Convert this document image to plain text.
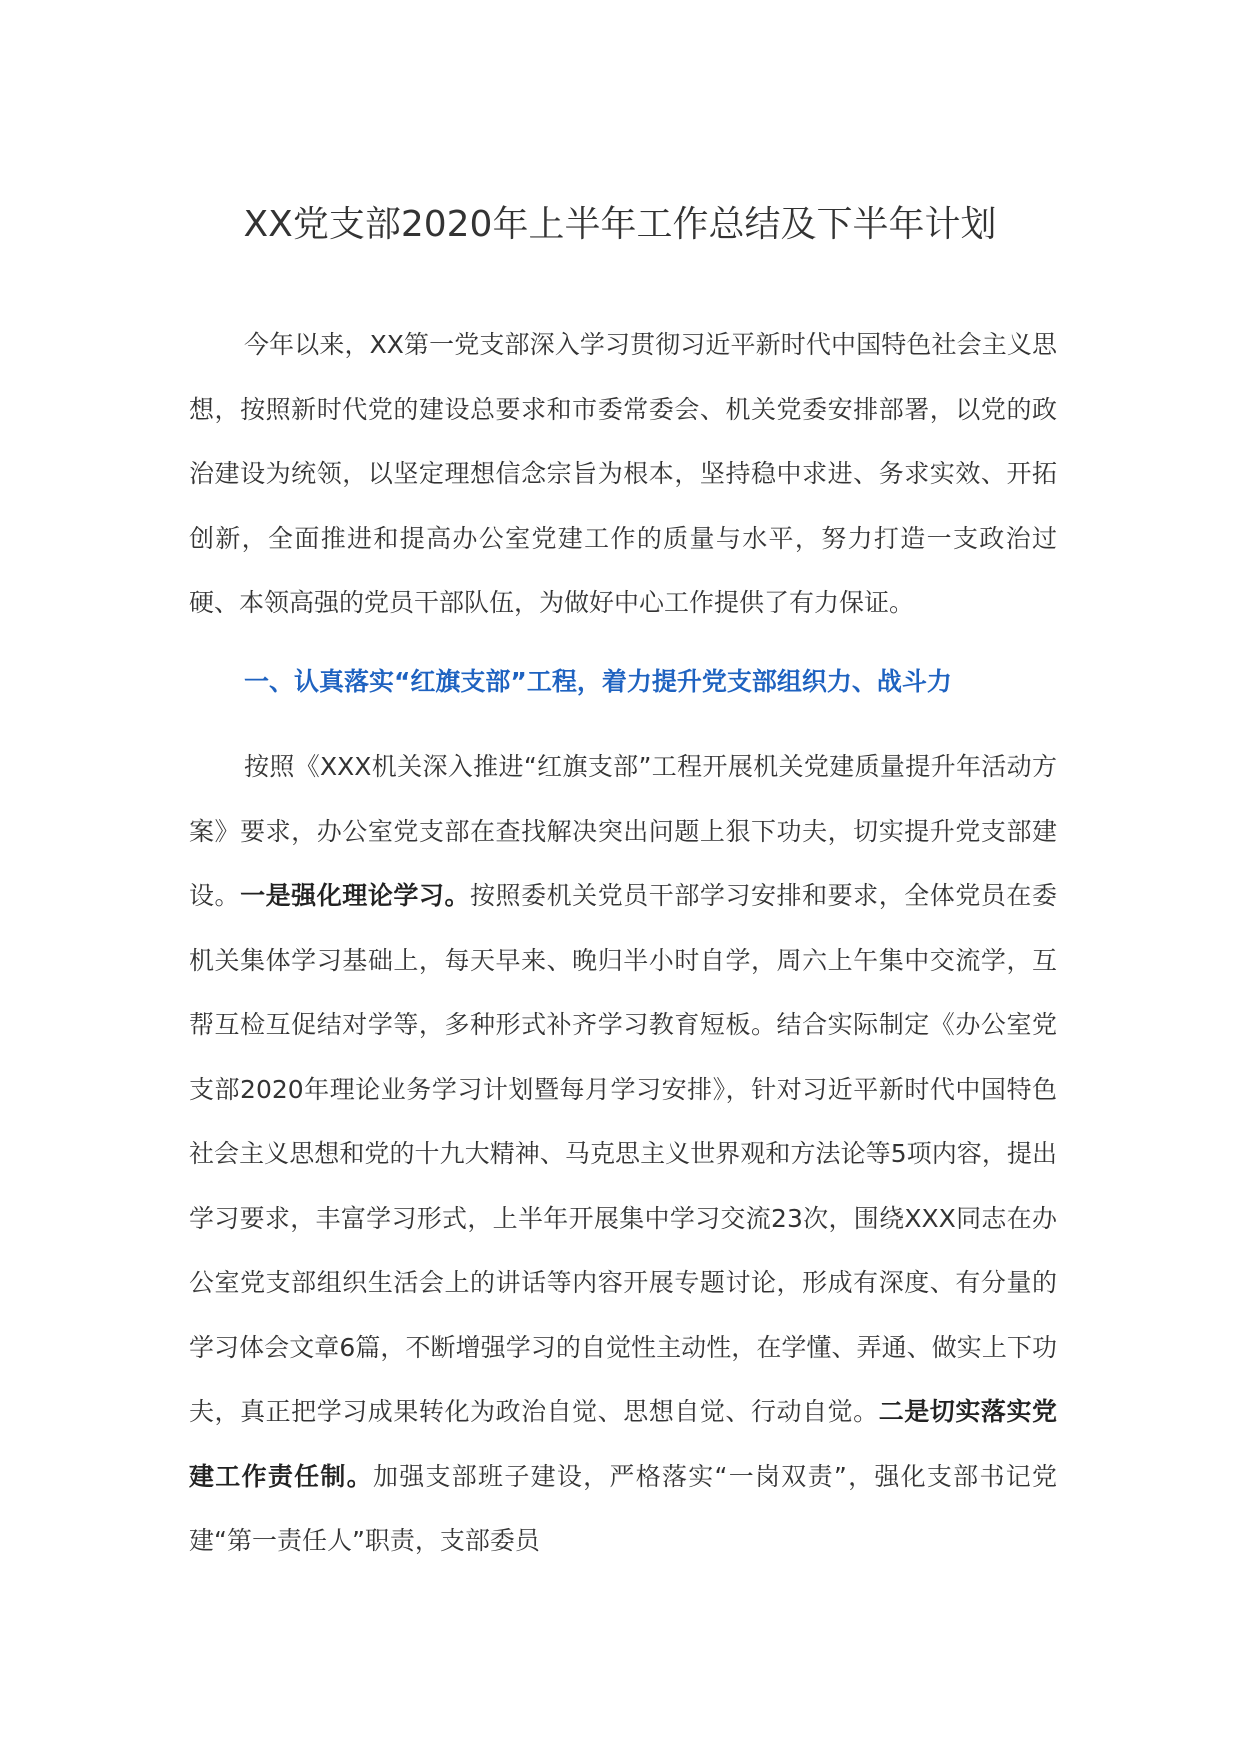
XX党支部2020年上半年工作总结及下半年计划

今年以来，XX第一党支部深入学习贯彻习近平新时代中国特色社会主义思想，按照新时代党的建设总要求和市委常委会、机关党委安排部署，以党的政治建设为统领，以坚定理想信念宗旨为根本，坚持稳中求进、务求实效、开拓创新，全面推进和提高办公室党建工作的质量与水平，努力打造一支政治过硬、本领高强的党员干部队伍，为做好中心工作提供了有力保证。

一、认真落实“红旗支部”工程，着力提升党支部组织力、战斗力

按照《XXX机关深入推进“红旗支部”工程开展机关党建质量提升年活动方案》要求，办公室党支部在查找解决突出问题上狠下功夫，切实提升党支部建设。一是强化理论学习。按照委机关党员干部学习安排和要求，全体党员在委机关集体学习基础上，每天早来、晚归半小时自学，周六上午集中交流学，互帮互检互促结对学等，多种形式补齐学习教育短板。结合实际制定《办公室党支部2020年理论业务学习计划暨每月学习安排》，针对习近平新时代中国特色社会主义思想和党的十九大精神、马克思主义世界观和方法论等5项内容，提出学习要求，丰富学习形式，上半年开展集中学习交流23次，围绕XXX同志在办公室党支部组织生活会上的讲话等内容开展专题讨论，形成有深度、有分量的学习体会文章6篇，不断增强学习的自觉性主动性，在学懂、弄通、做实上下功夫，真正把学习成果转化为政治自觉、思想自觉、行动自觉。二是切实落实党建工作责任制。加强支部班子建设，严格落实“一岗双责”，强化支部书记党建“第一责任人”职责，支部委员
